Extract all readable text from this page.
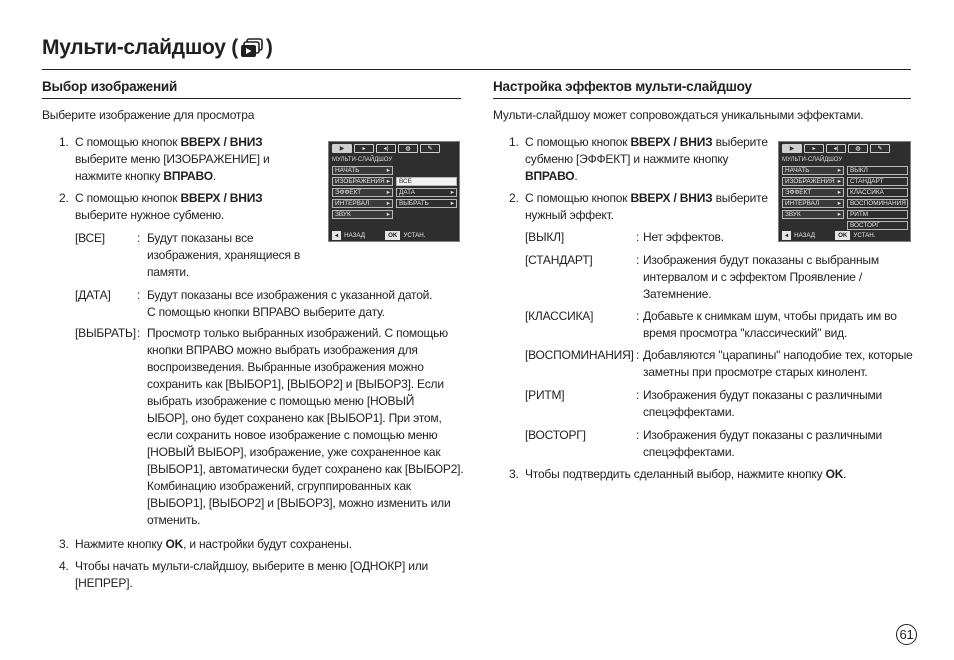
Мульти-слайдшоу ( )
Выбор изображений
Выберите изображение для просмотра
1. С помощью кнопок ВВЕРХ / ВНИЗ
выберите меню [ИЗОБРАЖЕНИЕ] и
нажмите кнопку ВПРАВО.
2. С помощью кнопок ВВЕРХ / ВНИЗ
выберите нужное субменю.
[ВСЕ]	: Будут показаны все
изображения, хранящиеся в
памяти.
[ДАТА] : Будут показаны все изображения с указанной датой.
С помощью кнопки ВПРАВО выберите дату.
[ВЫБРАТЬ] : Просмотр только выбранных изображений. С помощью
кнопки ВПРАВО можно выбрать изображения для
воспроизведения. Выбранные изображения можно
сохранить как [ВЫБОР1], [ВЫБОР2] и [ВЫБОР3]. Если
выбрать изображение с помощью меню [НОВЫЙ
ЫБОР], оно будет сохранено как [ВЫБОР1]. При этом,
если сохранить новое изображение с помощью меню
[НОВЫЙ ВЫБОР], изображение, уже сохраненное как
[ВЫБОР1], автоматически будет сохранено как [ВЫБОР2].
Комбинацию изображений, сгруппированных как
[ВЫБОР1], [ВЫБОР2] и [ВЫБОР3], можно изменить или
отменить.
3. Нажмите кнопку OK, и настройки будут сохранены.
4. Чтобы начать мульти-слайдшоу, выберите в меню [ОДНОКР] или
[НЕПРЕР].
▶	▸	◂)	◍	✎
МУЛЬТИ-СЛАЙДШОУ
НАЧАТЬ	▸
ИЗОБРАЖЕНИЯ ▸
ЭФФЕКТ	▸
ИНТЕРВАЛ	▸
ЗВУК	▸
ВСЕ
ДАТА	▸
ВЫБРАТЬ	▸
◂ НАЗАД	OK УСТАН.
Настройка эффектов мульти-слайдшоу
Мульти-слайдшоу может сопровождаться уникальными эффектами.
1. С помощью кнопок ВВЕРХ / ВНИЗ выберите
субменю [ЭФФЕКТ] и нажмите кнопку
ВПРАВО.
2. С помощью кнопок ВВЕРХ / ВНИЗ выберите
нужный эффект.
[ВЫКЛ]	: Нет эффектов.
[СТАНДАРТ]	: Изображения будут показаны с выбранным
интервалом и с эффектом Проявление /
Затемнение.
[КЛАССИКА]	: Добавьте к снимкам шум, чтобы придать им во
время просмотра "классический" вид.
[ВОСПОМИНАНИЯ] : Добавляются "царапины" наподобие тех, которые
заметны при просмотре старых кинолент.
[РИТМ]	: Изображения будут показаны с различными
спецэффектами.
[ВОСТОРГ]	: Изображения будут показаны с различными
спецэффектами.
3. Чтобы подтвердить сделанный выбор, нажмите кнопку OK.
▶	▸	◂)	◍	✎
МУЛЬТИ-СЛАЙДШОУ
НАЧАТЬ	▸
ИЗОБРАЖЕНИЯ ▸
ЭФФЕКТ	▸
ИНТЕРВАЛ	▸
ЗВУК	▸
ВЫКЛ
СТАНДАРТ
КЛАССИКА
ВОСПОМИНАНИЯ
РИТМ
ВОСТОРГ
◂ НАЗАД	OK УСТАН.
61
